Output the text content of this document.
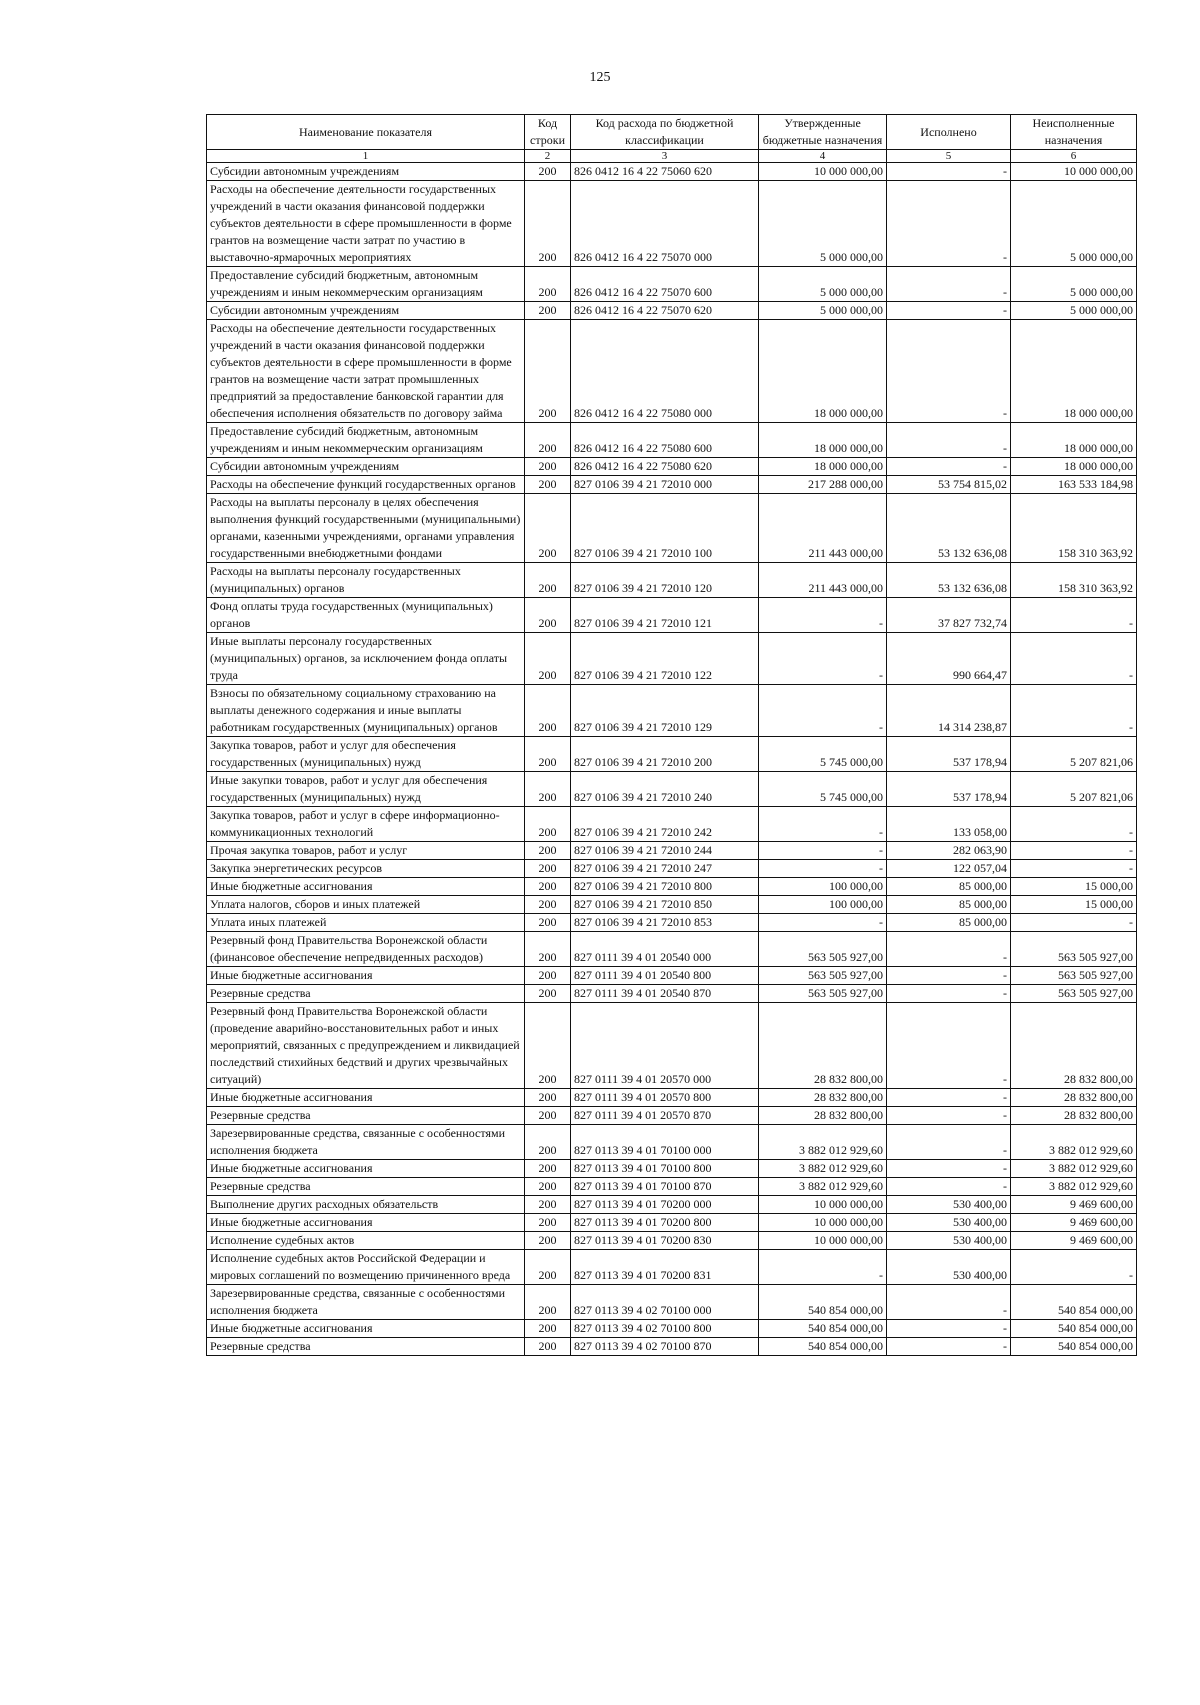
125
Наименование показателя	Код строки	Код расхода по бюджетной классификации	Утвержденные бюджетные назначения	Исполнено	Неисполненные назначения
1	2	3	4	5	6
Субсидии автономным учреждениям	200	826 0412 16 4 22 75060 620	10 000 000,00	-	10 000 000,00
Расходы на обеспечение деятельности государственных учреждений в части оказания финансовой поддержки субъектов деятельности в сфере промышленности в форме грантов на возмещение части затрат по участию в выставочно-ярмарочных мероприятиях	200	826 0412 16 4 22 75070 000	5 000 000,00	-	5 000 000,00
Предоставление субсидий бюджетным, автономным учреждениям и иным некоммерческим организациям	200	826 0412 16 4 22 75070 600	5 000 000,00	-	5 000 000,00
Субсидии автономным учреждениям	200	826 0412 16 4 22 75070 620	5 000 000,00	-	5 000 000,00
Расходы на обеспечение деятельности государственных учреждений в части оказания финансовой поддержки субъектов деятельности в сфере промышленности в форме грантов на возмещение части затрат промышленных предприятий за предоставление банковской гарантии для обеспечения исполнения обязательств по договору займа	200	826 0412 16 4 22 75080 000	18 000 000,00	-	18 000 000,00
Предоставление субсидий бюджетным, автономным учреждениям и иным некоммерческим организациям	200	826 0412 16 4 22 75080 600	18 000 000,00	-	18 000 000,00
Субсидии автономным учреждениям	200	826 0412 16 4 22 75080 620	18 000 000,00	-	18 000 000,00
Расходы на обеспечение функций государственных органов	200	827 0106 39 4 21 72010 000	217 288 000,00	53 754 815,02	163 533 184,98
Расходы на выплаты персоналу в целях обеспечения выполнения функций государственными (муниципальными) органами, казенными учреждениями, органами управления государственными внебюджетными фондами	200	827 0106 39 4 21 72010 100	211 443 000,00	53 132 636,08	158 310 363,92
Расходы на выплаты персоналу государственных (муниципальных) органов	200	827 0106 39 4 21 72010 120	211 443 000,00	53 132 636,08	158 310 363,92
Фонд оплаты труда государственных (муниципальных) органов	200	827 0106 39 4 21 72010 121	-	37 827 732,74	-
Иные выплаты персоналу государственных (муниципальных) органов, за исключением фонда оплаты труда	200	827 0106 39 4 21 72010 122	-	990 664,47	-
Взносы по обязательному социальному страхованию на выплаты денежного содержания и иные выплаты работникам государственных (муниципальных) органов	200	827 0106 39 4 21 72010 129	-	14 314 238,87	-
Закупка товаров, работ и услуг для обеспечения государственных (муниципальных) нужд	200	827 0106 39 4 21 72010 200	5 745 000,00	537 178,94	5 207 821,06
Иные закупки товаров, работ и услуг для обеспечения государственных (муниципальных) нужд	200	827 0106 39 4 21 72010 240	5 745 000,00	537 178,94	5 207 821,06
Закупка товаров, работ и услуг в сфере информационно-коммуникационных технологий	200	827 0106 39 4 21 72010 242	-	133 058,00	-
Прочая закупка товаров, работ и услуг	200	827 0106 39 4 21 72010 244	-	282 063,90	-
Закупка энергетических ресурсов	200	827 0106 39 4 21 72010 247	-	122 057,04	-
Иные бюджетные ассигнования	200	827 0106 39 4 21 72010 800	100 000,00	85 000,00	15 000,00
Уплата налогов, сборов и иных платежей	200	827 0106 39 4 21 72010 850	100 000,00	85 000,00	15 000,00
Уплата иных платежей	200	827 0106 39 4 21 72010 853	-	85 000,00	-
Резервный фонд Правительства Воронежской области (финансовое обеспечение непредвиденных расходов)	200	827 0111 39 4 01 20540 000	563 505 927,00	-	563 505 927,00
Иные бюджетные ассигнования	200	827 0111 39 4 01 20540 800	563 505 927,00	-	563 505 927,00
Резервные средства	200	827 0111 39 4 01 20540 870	563 505 927,00	-	563 505 927,00
Резервный фонд Правительства Воронежской области (проведение аварийно-восстановительных работ и иных мероприятий, связанных с предупреждением и ликвидацией последствий стихийных бедствий и других чрезвычайных ситуаций)	200	827 0111 39 4 01 20570 000	28 832 800,00	-	28 832 800,00
Иные бюджетные ассигнования	200	827 0111 39 4 01 20570 800	28 832 800,00	-	28 832 800,00
Резервные средства	200	827 0111 39 4 01 20570 870	28 832 800,00	-	28 832 800,00
Зарезервированные средства, связанные с особенностями исполнения бюджета	200	827 0113 39 4 01 70100 000	3 882 012 929,60	-	3 882 012 929,60
Иные бюджетные ассигнования	200	827 0113 39 4 01 70100 800	3 882 012 929,60	-	3 882 012 929,60
Резервные средства	200	827 0113 39 4 01 70100 870	3 882 012 929,60	-	3 882 012 929,60
Выполнение других расходных обязательств	200	827 0113 39 4 01 70200 000	10 000 000,00	530 400,00	9 469 600,00
Иные бюджетные ассигнования	200	827 0113 39 4 01 70200 800	10 000 000,00	530 400,00	9 469 600,00
Исполнение судебных актов	200	827 0113 39 4 01 70200 830	10 000 000,00	530 400,00	9 469 600,00
Исполнение судебных актов Российской Федерации и мировых соглашений по возмещению причиненного вреда	200	827 0113 39 4 01 70200 831	-	530 400,00	-
Зарезервированные средства, связанные с особенностями исполнения бюджета	200	827 0113 39 4 02 70100 000	540 854 000,00	-	540 854 000,00
Иные бюджетные ассигнования	200	827 0113 39 4 02 70100 800	540 854 000,00	-	540 854 000,00
Резервные средства	200	827 0113 39 4 02 70100 870	540 854 000,00	-	540 854 000,00
